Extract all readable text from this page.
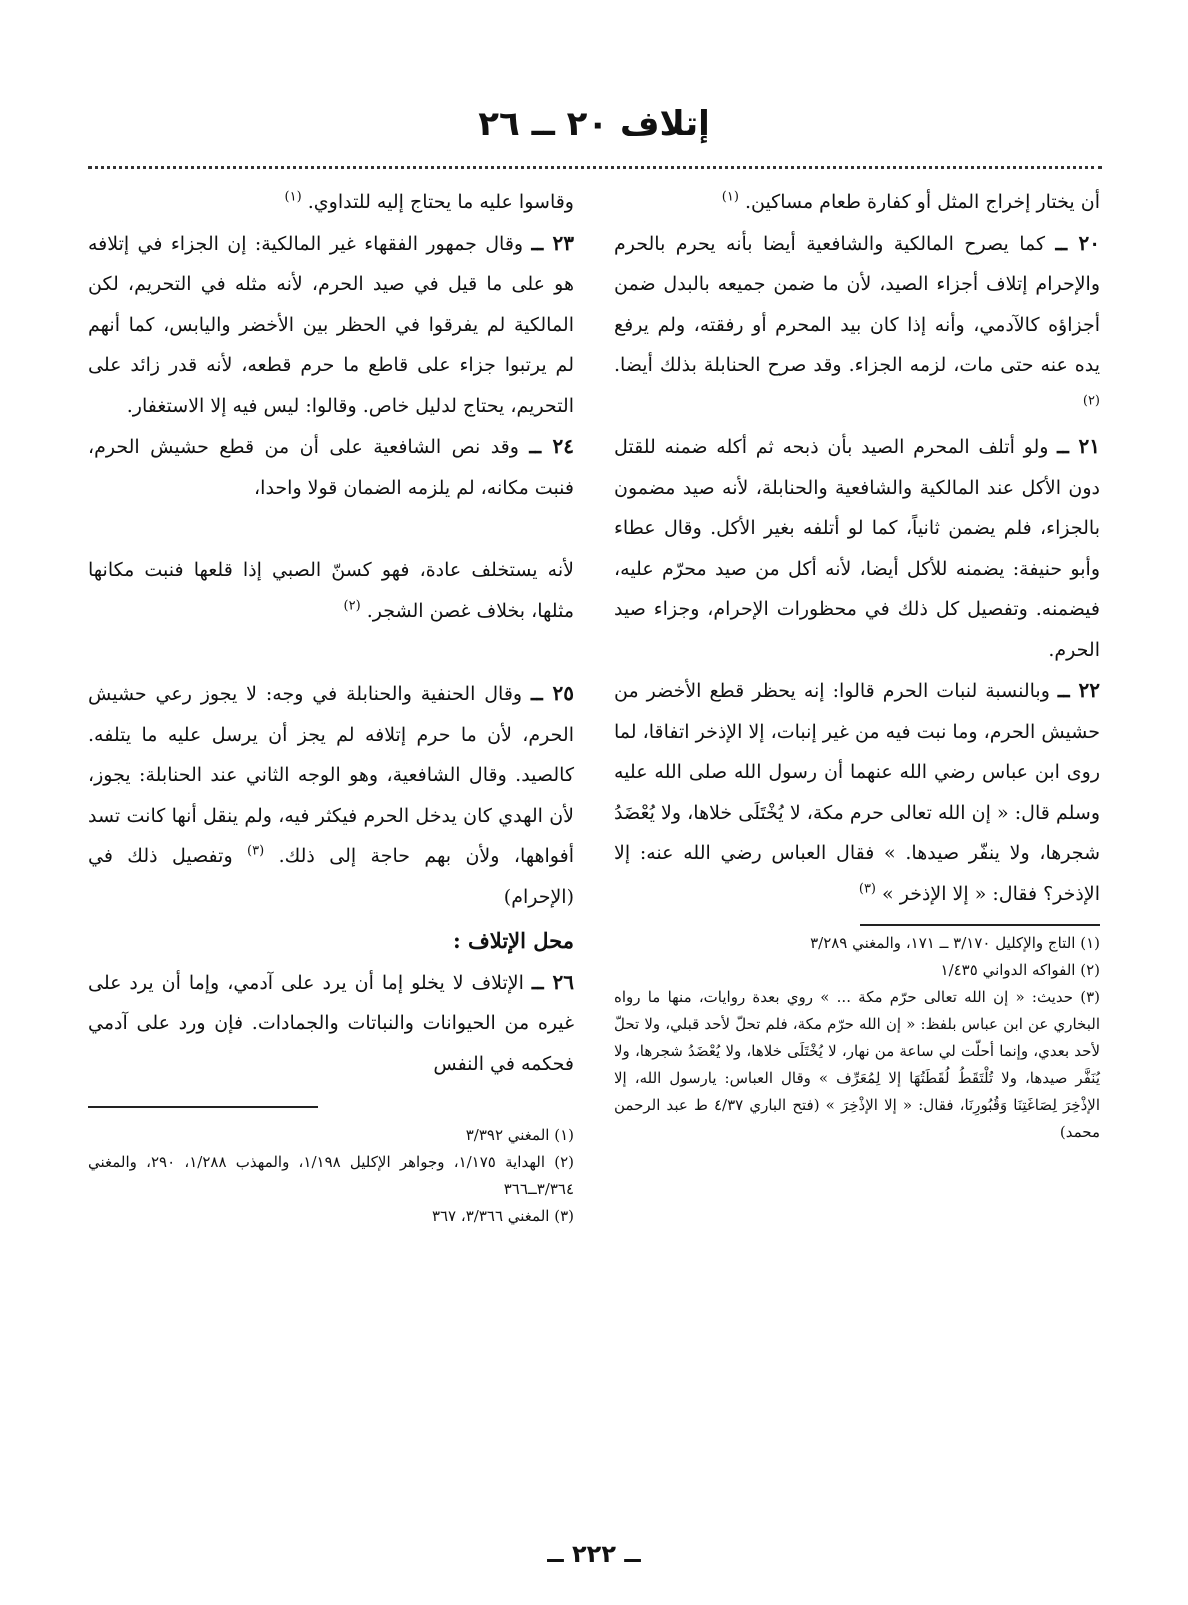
إتلاف ٢٠ ــ ٢٦

أن يختار إخراج المثل أو كفارة طعام مساكين. $^{(١)}$

٢٠ ــ كما يصرح المالكية والشافعية أيضا بأنه يحرم بالحرم والإحرام إتلاف أجزاء الصيد، لأن ما ضمن جميعه بالبدل ضمن أجزاؤه كالآدمي، وأنه إذا كان بيد المحرم أو رفقته، ولم يرفع يده عنه حتى مات، لزمه الجزاء. وقد صرح الحنابلة بذلك أيضا. $^{(٢)}$

٢١ ــ ولو أتلف المحرم الصيد بأن ذبحه ثم أكله ضمنه للقتل دون الأكل عند المالكية والشافعية والحنابلة، لأنه صيد مضمون بالجزاء، فلم يضمن ثانياً، كما لو أتلفه بغير الأكل. وقال عطاء وأبو حنيفة: يضمنه للأكل أيضا، لأنه أكل من صيد محرّم عليه، فيضمنه. وتفصيل كل ذلك في محظورات الإحرام، وجزاء صيد الحرم.

٢٢ ــ وبالنسبة لنبات الحرم قالوا: إنه يحظر قطع الأخضر من حشيش الحرم، وما نبت فيه من غير إنبات، إلا الإذخر اتفاقا، لما روى ابن عباس رضي الله عنهما أن رسول الله صلى الله عليه وسلم قال: « إن الله تعالى حرم مكة، لا يُخْتَلَى خلاها، ولا يُعْضَدُ شجرها، ولا ينفّر صيدها. » فقال العباس رضي الله عنه: إلا الإذخر؟ فقال: « إلا الإذخر » $^{(٣)}$

(١) التاج والإكليل ٣/١٧٠ ــ ١٧١، والمغني ٣/٢٨٩

(٢) الفواكه الدواني ١/٤٣٥

(٣) حديث: « إن الله تعالى حرّم مكة ... » روي بعدة روايات، منها ما رواه البخاري عن ابن عباس بلفظ: « إن الله حرّم مكة، فلم تحلّ لأحد قبلي، ولا تحلّ لأحد بعدي، وإنما أحلّت لي ساعة من نهار، لا يُخْتَلَى خلاها، ولا يُعْضَدُ شجرها، ولا يُنَفَّر صيدها، ولا تُلْتَقَطُ لُقَطَتُهَا إلا لِمُعَرِّف » وقال العباس: يارسول الله، إلا الإذْخِرَ لِصَاغَتِنَا وَقُبُورِنَا، فقال: « إلا الإذْخِرَ » (فتح الباري ٤/٣٧ ط عبد الرحمن محمد)

وقاسوا عليه ما يحتاج إليه للتداوي. $^{(١)}$

٢٣ ــ وقال جمهور الفقهاء غير المالكية: إن الجزاء في إتلافه هو على ما قيل في صيد الحرم، لأنه مثله في التحريم، لكن المالكية لم يفرقوا في الحظر بين الأخضر واليابس، كما أنهم لم يرتبوا جزاء على قاطع ما حرم قطعه، لأنه قدر زائد على التحريم، يحتاج لدليل خاص. وقالوا: ليس فيه إلا الاستغفار.

٢٤ ــ وقد نص الشافعية على أن من قطع حشيش الحرم، فنبت مكانه، لم يلزمه الضمان قولا واحدا،

لأنه يستخلف عادة، فهو كسنّ الصبي إذا قلعها فنبت مكانها مثلها، بخلاف غصن الشجر. $^{(٢)}$

٢٥ ــ وقال الحنفية والحنابلة في وجه: لا يجوز رعي حشيش الحرم، لأن ما حرم إتلافه لم يجز أن يرسل عليه ما يتلفه. كالصيد. وقال الشافعية، وهو الوجه الثاني عند الحنابلة: يجوز، لأن الهدي كان يدخل الحرم فيكثر فيه، ولم ينقل أنها كانت تسد أفواهها، ولأن بهم حاجة إلى ذلك. $^{(٣)}$ وتفصيل ذلك في (الإحرام)

محل الإتلاف :

٢٦ ــ الإتلاف لا يخلو إما أن يرد على آدمي، وإما أن يرد على غيره من الحيوانات والنباتات والجمادات. فإن ورد على آدمي فحكمه في النفس

(١) المغني ٣/٣٩٢

(٢) الهداية ١/١٧٥، وجواهر الإكليل ١/١٩٨، والمهذب ١/٢٨٨، ٢٩٠، والمغني ٣/٣٦٤ــ٣٦٦

(٣) المغني ٣/٣٦٦، ٣٦٧

ــ ٢٢٢ ــ
